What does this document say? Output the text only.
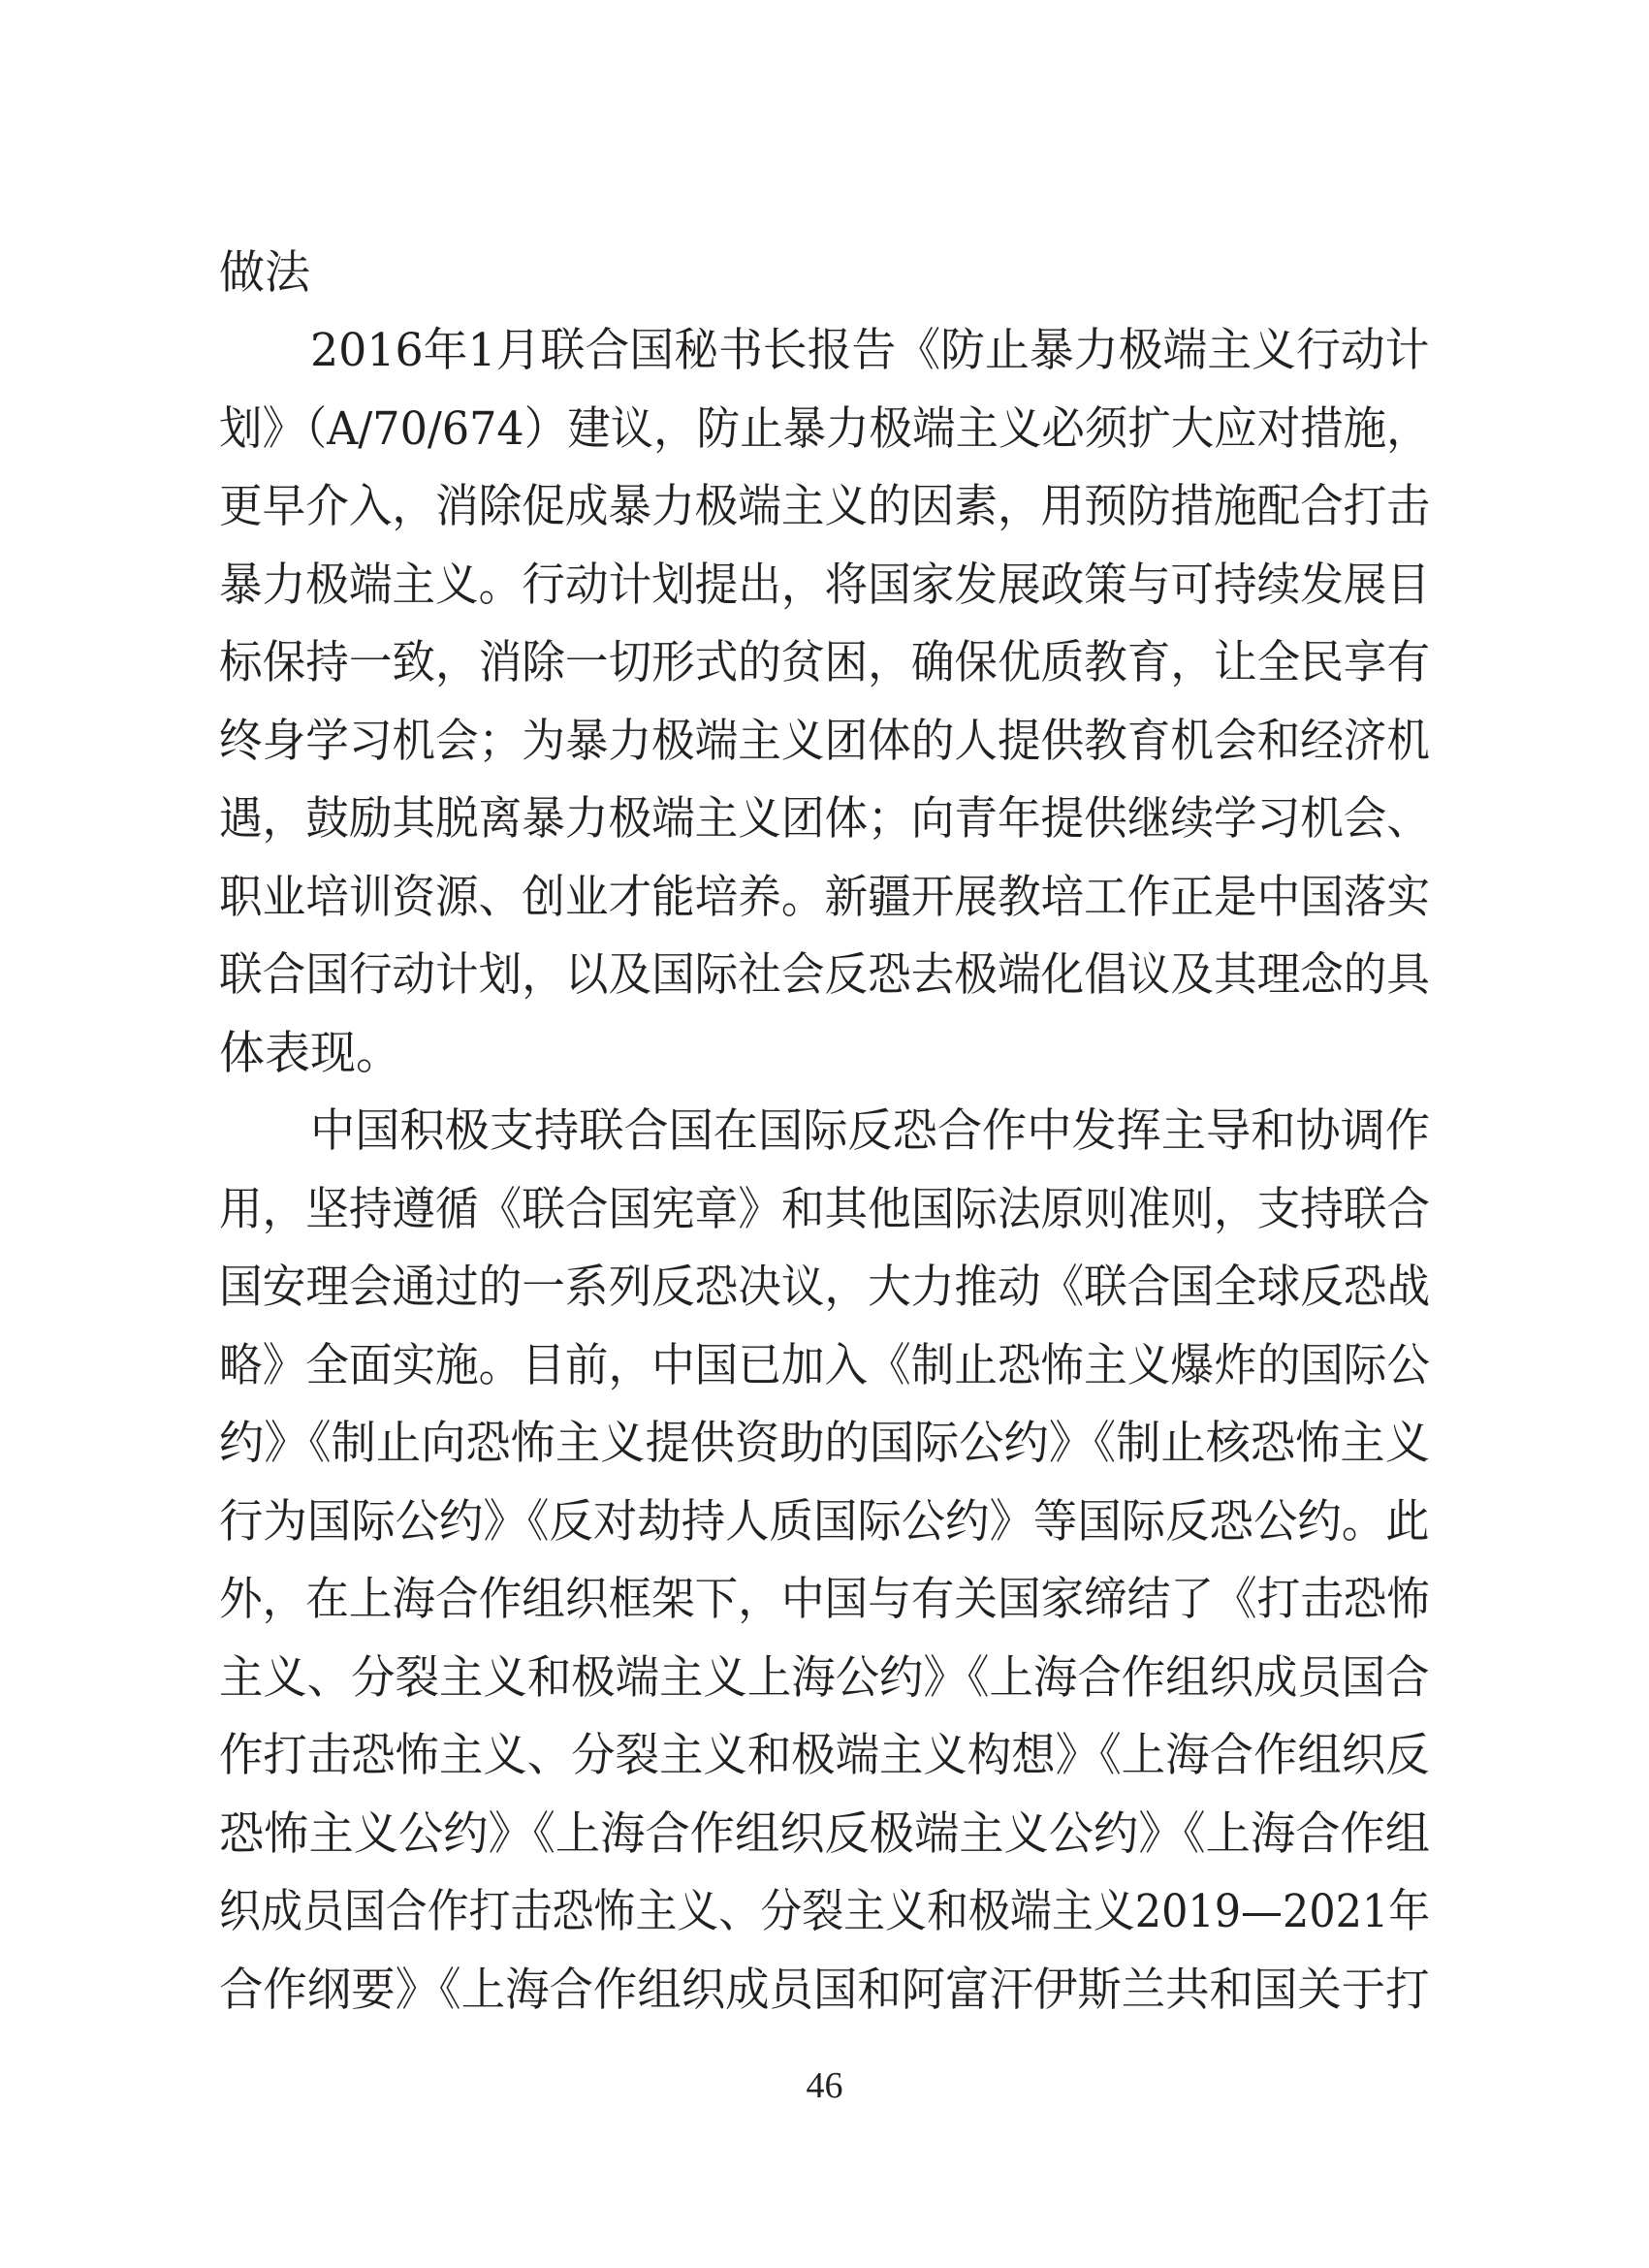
做法
2016年1月联合国秘书长报告《防止暴力极端主义行动计
划》（A/70/674）建议，防止暴力极端主义必须扩大应对措施，
更早介入，消除促成暴力极端主义的因素，用预防措施配合打击
暴力极端主义。行动计划提出，将国家发展政策与可持续发展目
标保持一致，消除一切形式的贫困，确保优质教育，让全民享有
终身学习机会；为暴力极端主义团体的人提供教育机会和经济机
遇，鼓励其脱离暴力极端主义团体；向青年提供继续学习机会、
职业培训资源、创业才能培养。新疆开展教培工作正是中国落实
联合国行动计划，以及国际社会反恐去极端化倡议及其理念的具
体表现。
中国积极支持联合国在国际反恐合作中发挥主导和协调作
用，坚持遵循《联合国宪章》和其他国际法原则准则，支持联合
国安理会通过的一系列反恐决议，大力推动《联合国全球反恐战
略》全面实施。目前，中国已加入《制止恐怖主义爆炸的国际公
约》《制止向恐怖主义提供资助的国际公约》《制止核恐怖主义
行为国际公约》《反对劫持人质国际公约》等国际反恐公约。此
外，在上海合作组织框架下，中国与有关国家缔结了《打击恐怖
主义、分裂主义和极端主义上海公约》《上海合作组织成员国合
作打击恐怖主义、分裂主义和极端主义构想》《上海合作组织反
恐怖主义公约》《上海合作组织反极端主义公约》《上海合作组
织成员国合作打击恐怖主义、分裂主义和极端主义2019—2021年
合作纲要》《上海合作组织成员国和阿富汗伊斯兰共和国关于打
46
